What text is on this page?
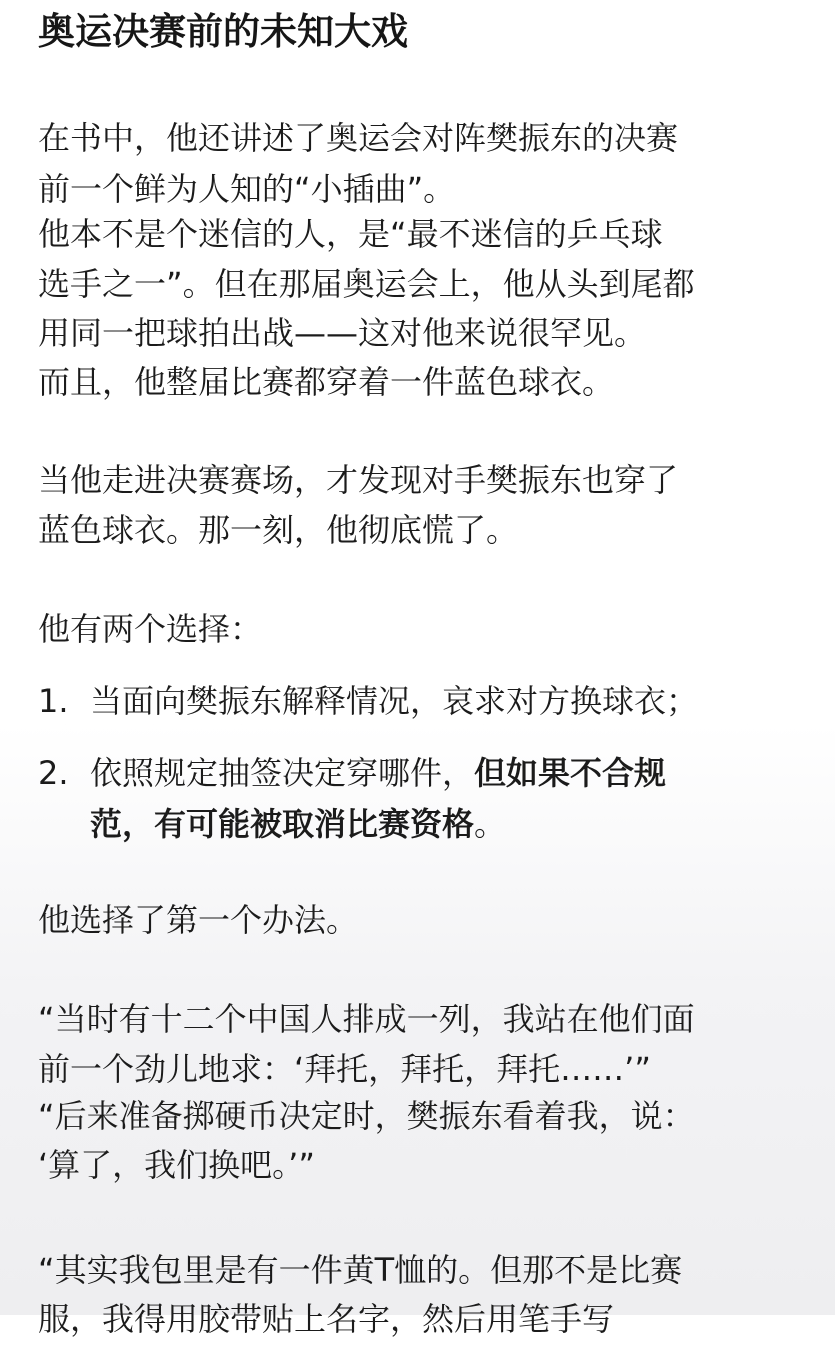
奥运决赛前的未知大戏

在书中，他还讲述了奥运会对阵樊振东的决赛

前一个鲜为人知的“小插曲”。

他本不是个迷信的人，是“最不迷信的乒乓球

选手之一”。但在那届奥运会上，他从头到尾都

用同一把球拍出战——这对他来说很罕见。

而且，他整届比赛都穿着一件蓝色球衣。

当他走进决赛赛场，才发现对手樊振东也穿了

蓝色球衣。那一刻，他彻底慌了。

他有两个选择：

1. 当面向樊振东解释情况，哀求对方换球衣；
2. 依照规定抽签决定穿哪件，但如果不合规
范，有可能被取消比赛资格。

他选择了第一个办法。

“当时有十二个中国人排成一列，我站在他们面

前一个劲儿地求：‘拜托，拜托，拜托……’”

“后来准备掷硬币决定时，樊振东看着我，说：

‘算了，我们换吧。’”

“其实我包里是有一件黄T恤的。但那不是比赛

服，我得用胶带贴上名字，然后用笔手写
